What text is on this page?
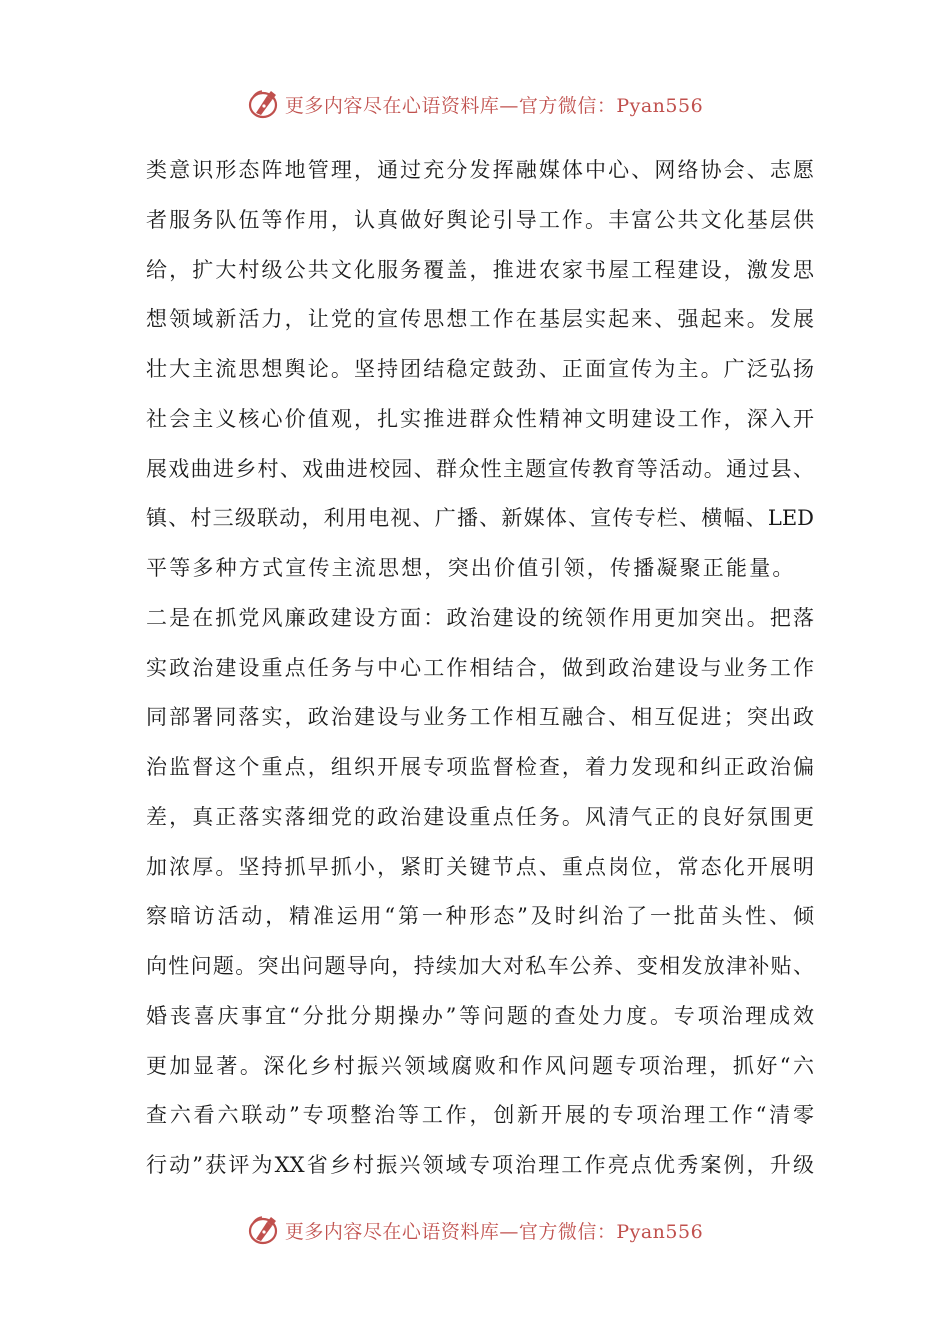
更多内容尽在心语资料库—官方微信：Pyan556
类意识形态阵地管理，通过充分发挥融媒体中心、网络协会、志愿
者服务队伍等作用，认真做好舆论引导工作。丰富公共文化基层供
给，扩大村级公共文化服务覆盖，推进农家书屋工程建设，激发思
想领域新活力，让党的宣传思想工作在基层实起来、强起来。发展
壮大主流思想舆论。坚持团结稳定鼓劲、正面宣传为主。广泛弘扬
社会主义核心价值观，扎实推进群众性精神文明建设工作，深入开
展戏曲进乡村、戏曲进校园、群众性主题宣传教育等活动。通过县、
镇、村三级联动，利用电视、广播、新媒体、宣传专栏、横幅、LED
平等多种方式宣传主流思想，突出价值引领，传播凝聚正能量。
二是在抓党风廉政建设方面：政治建设的统领作用更加突出。把落
实政治建设重点任务与中心工作相结合，做到政治建设与业务工作
同部署同落实，政治建设与业务工作相互融合、相互促进；突出政
治监督这个重点，组织开展专项监督检查，着力发现和纠正政治偏
差，真正落实落细党的政治建设重点任务。风清气正的良好氛围更
加浓厚。坚持抓早抓小，紧盯关键节点、重点岗位，常态化开展明
察暗访活动，精准运用“第一种形态”及时纠治了一批苗头性、倾
向性问题。突出问题导向，持续加大对私车公养、变相发放津补贴、
婚丧喜庆事宜“分批分期操办”等问题的查处力度。专项治理成效
更加显著。深化乡村振兴领域腐败和作风问题专项治理，抓好“六
查六看六联动”专项整治等工作，创新开展的专项治理工作“清零
行动”获评为XX省乡村振兴领域专项治理工作亮点优秀案例，升级
更多内容尽在心语资料库—官方微信：Pyan556
